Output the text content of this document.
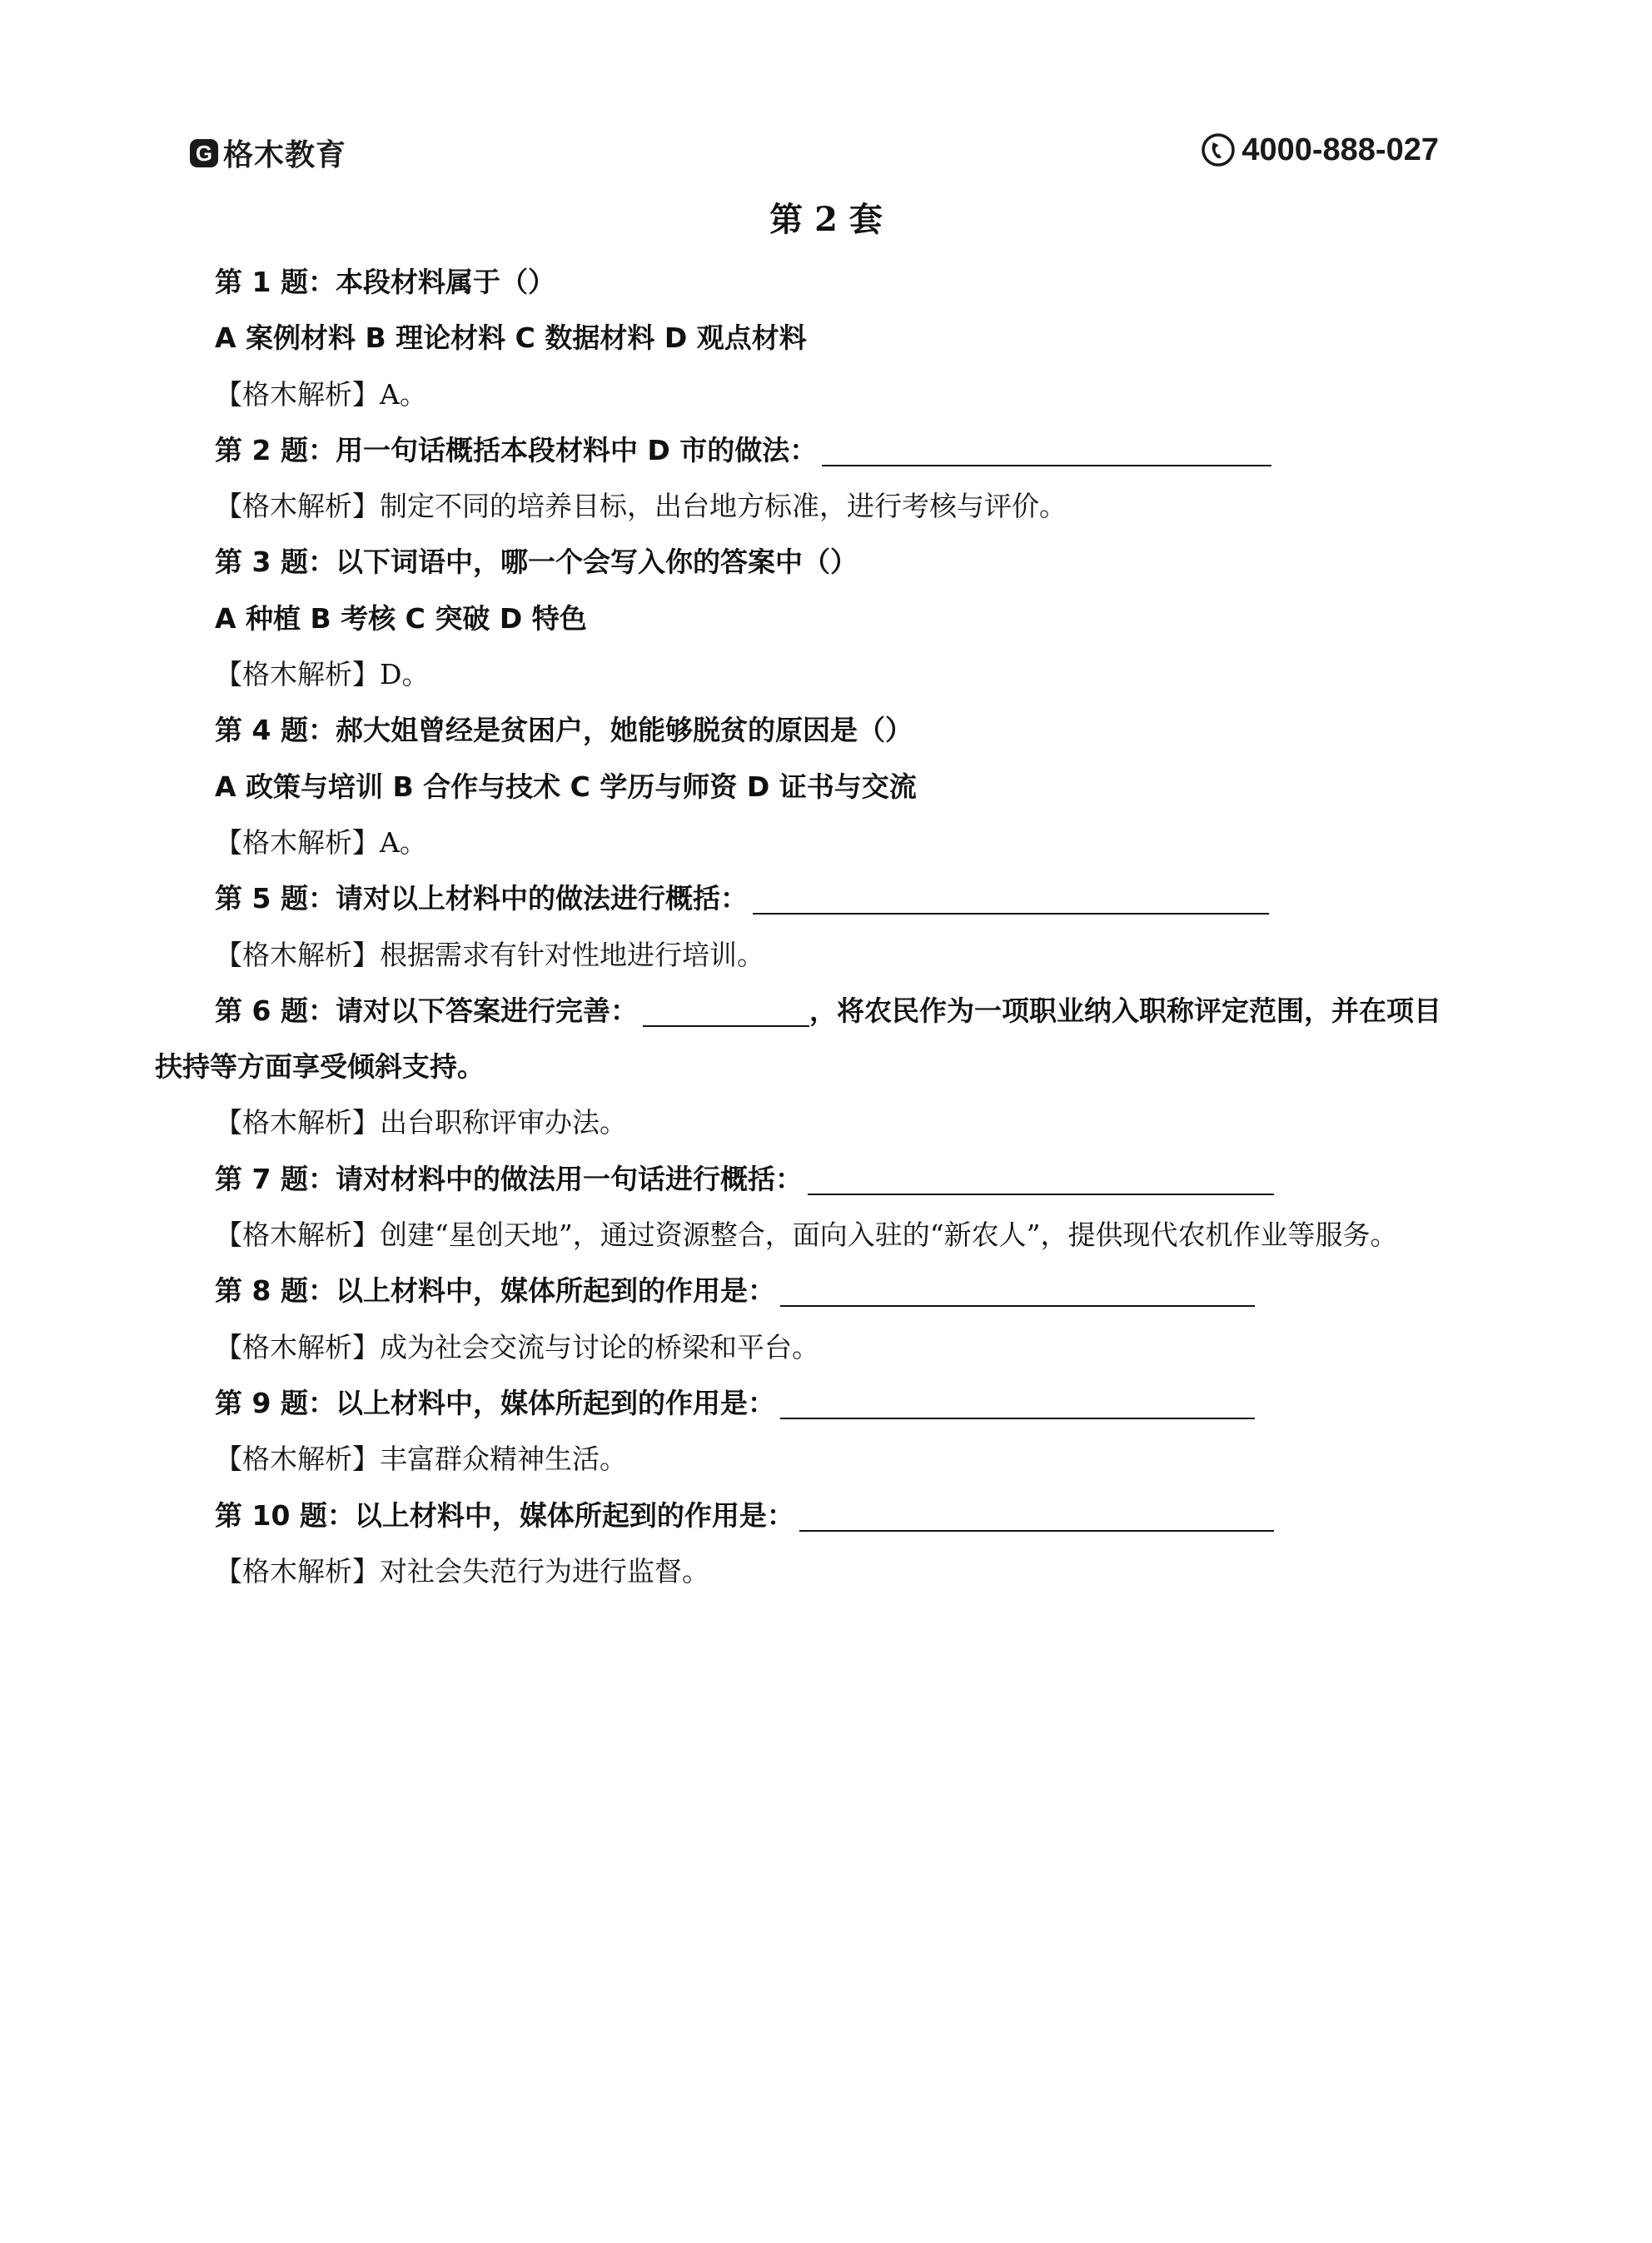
G 格木教育	4000-888-027
第 2 套
第 1 题：本段材料属于（）
A 案例材料 B 理论材料 C 数据材料 D 观点材料
【格木解析】A。
第 2 题：用一句话概括本段材料中 D 市的做法：
【格木解析】制定不同的培养目标，出台地方标准，进行考核与评价。
第 3 题：以下词语中，哪一个会写入你的答案中（）
A 种植 B 考核 C 突破 D 特色
【格木解析】D。
第 4 题：郝大姐曾经是贫困户，她能够脱贫的原因是（）
A 政策与培训 B 合作与技术 C 学历与师资 D 证书与交流
【格木解析】A。
第 5 题：请对以上材料中的做法进行概括：
【格木解析】根据需求有针对性地进行培训。
第 6 题：请对以下答案进行完善：	，将农民作为一项职业纳入职称评定范围，并在项目
扶持等方面享受倾斜支持。
【格木解析】出台职称评审办法。
第 7 题：请对材料中的做法用一句话进行概括：
【格木解析】创建“星创天地”，通过资源整合，面向入驻的“新农人”，提供现代农机作业等服务。
第 8 题：以上材料中，媒体所起到的作用是：
【格木解析】成为社会交流与讨论的桥梁和平台。
第 9 题：以上材料中，媒体所起到的作用是：
【格木解析】丰富群众精神生活。
第 10 题：以上材料中，媒体所起到的作用是：
【格木解析】对社会失范行为进行监督。
